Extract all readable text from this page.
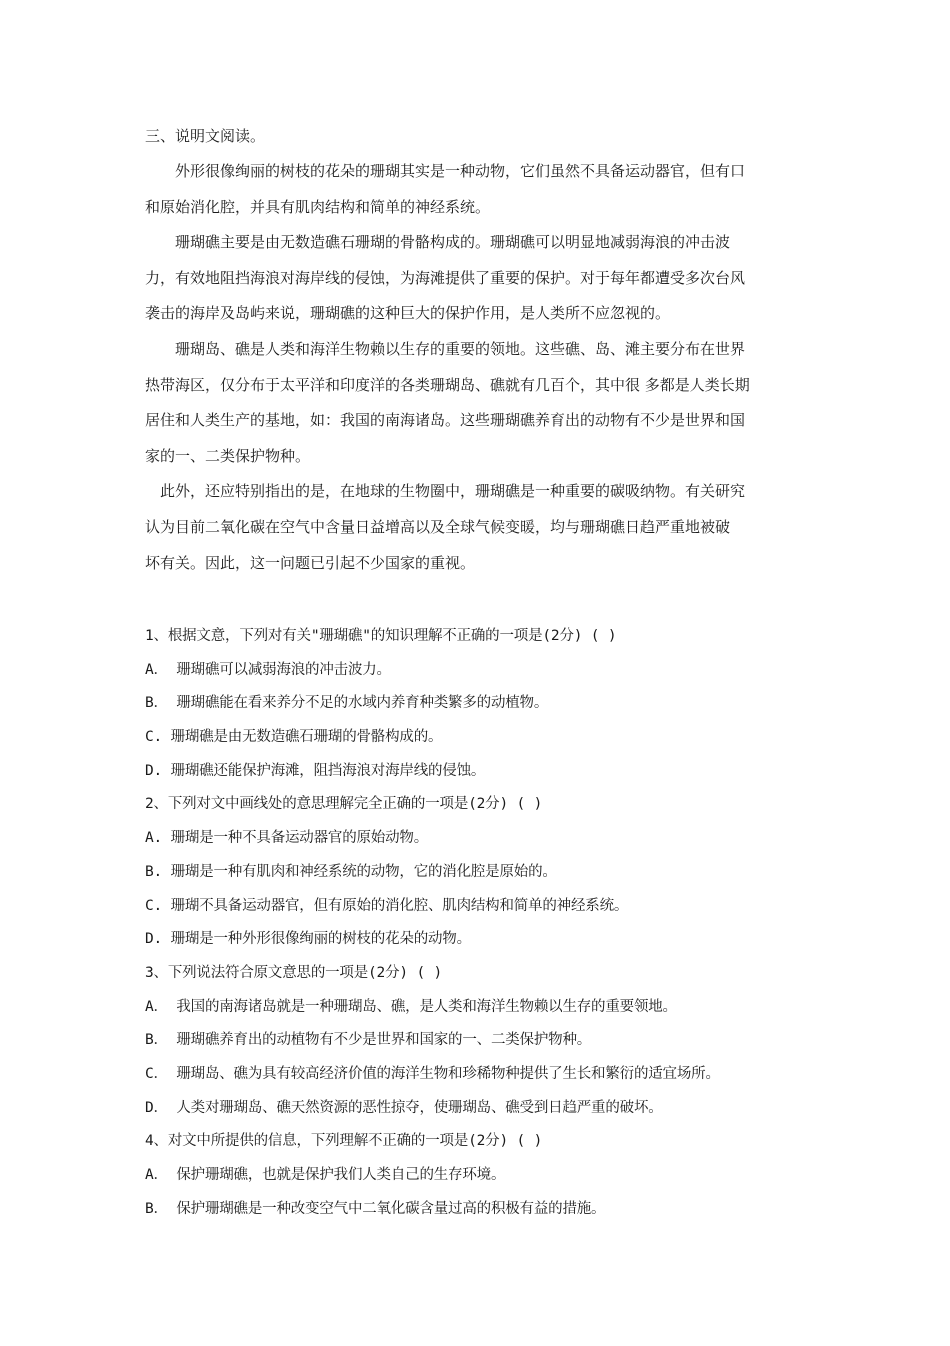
三、说明文阅读。
　　外形很像绚丽的树枝的花朵的珊瑚其实是一种动物，它们虽然不具备运动器官，但有口
和原始消化腔，并具有肌肉结构和简单的神经系统。
　　珊瑚礁主要是由无数造礁石珊瑚的骨骼构成的。珊瑚礁可以明显地减弱海浪的冲击波
力，有效地阻挡海浪对海岸线的侵蚀，为海滩提供了重要的保护。对于每年都遭受多次台风
袭击的海岸及岛屿来说，珊瑚礁的这种巨大的保护作用，是人类所不应忽视的。
　　珊瑚岛、礁是人类和海洋生物赖以生存的重要的领地。这些礁、岛、滩主要分布在世界
热带海区，仅分布于太平洋和印度洋的各类珊瑚岛、礁就有几百个，其中很 多都是人类长期
居住和人类生产的基地，如：我国的南海诸岛。这些珊瑚礁养育出的动物有不少是世界和国
家的一、二类保护物种。
　此外，还应特别指出的是，在地球的生物圈中，珊瑚礁是一种重要的碳吸纳物。有关研究
认为目前二氧化碳在空气中含量日益增高以及全球气候变暖，均与珊瑚礁日趋严重地被破
坏有关。因此，这一问题已引起不少国家的重视。
1、根据文意，下列对有关"珊瑚礁"的知识理解不正确的一项是(2分) ( )
A． 珊瑚礁可以减弱海浪的冲击波力。
B． 珊瑚礁能在看来养分不足的水域内养育种类繁多的动植物。
C. 珊瑚礁是由无数造礁石珊瑚的骨骼构成的。
D. 珊瑚礁还能保护海滩，阻挡海浪对海岸线的侵蚀。
2、下列对文中画线处的意思理解完全正确的一项是(2分) ( )
A. 珊瑚是一种不具备运动器官的原始动物。
B. 珊瑚是一种有肌肉和神经系统的动物，它的消化腔是原始的。
C. 珊瑚不具备运动器官，但有原始的消化腔、肌肉结构和简单的神经系统。
D. 珊瑚是一种外形很像绚丽的树枝的花朵的动物。
3、下列说法符合原文意思的一项是(2分) ( )
A． 我国的南海诸岛就是一种珊瑚岛、礁，是人类和海洋生物赖以生存的重要领地。
B． 珊瑚礁养育出的动植物有不少是世界和国家的一、二类保护物种。
C． 珊瑚岛、礁为具有较高经济价值的海洋生物和珍稀物种提供了生长和繁衍的适宜场所。
D． 人类对珊瑚岛、礁天然资源的恶性掠夺，使珊瑚岛、礁受到日趋严重的破坏。
4、对文中所提供的信息，下列理解不正确的一项是(2分) ( )
A． 保护珊瑚礁，也就是保护我们人类自己的生存环境。
B． 保护珊瑚礁是一种改变空气中二氧化碳含量过高的积极有益的措施。
